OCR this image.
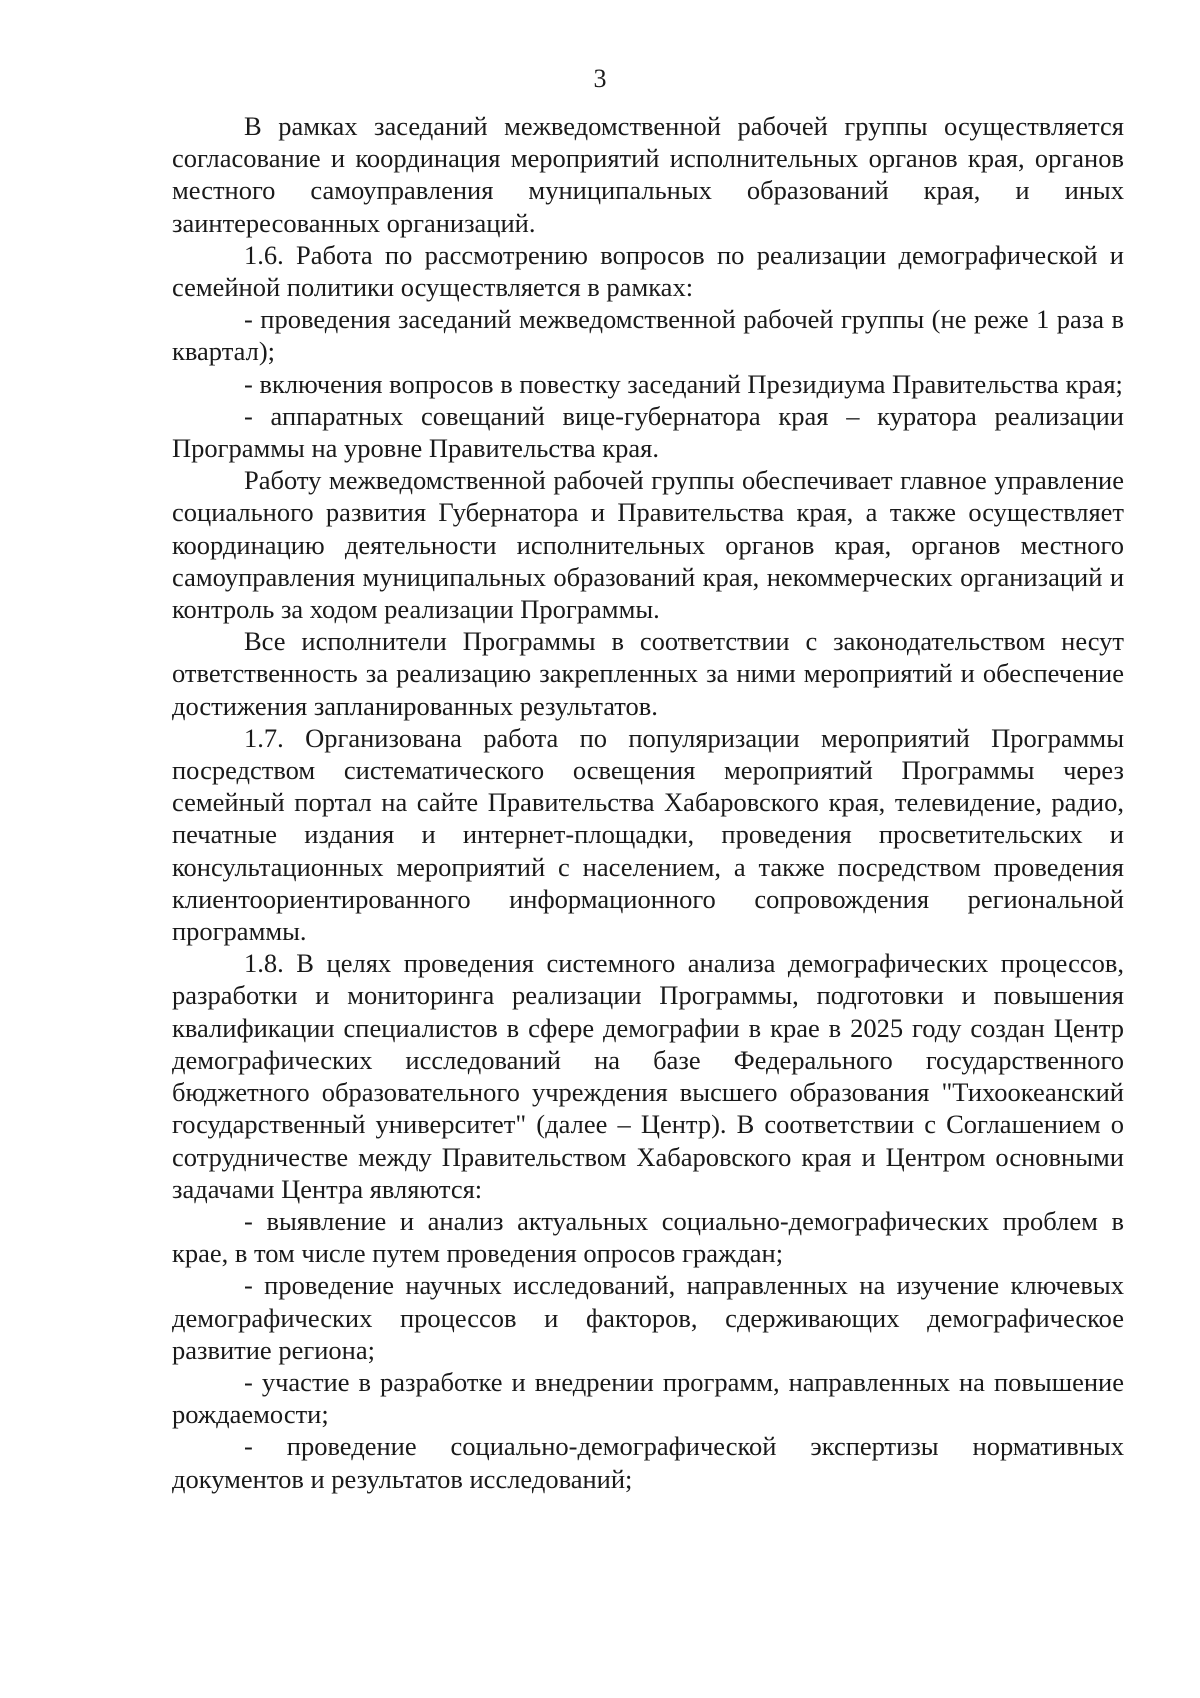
3

В рамках заседаний межведомственной рабочей группы осуществляется согласование и координация мероприятий исполнительных органов края, органов местного самоуправления муниципальных образований края, и иных заинтересованных организаций.

1.6. Работа по рассмотрению вопросов по реализации демографической и семейной политики осуществляется в рамках:

- проведения заседаний межведомственной рабочей группы (не реже 1 раза в квартал);

- включения вопросов в повестку заседаний Президиума Правительства края;

- аппаратных совещаний вице-губернатора края – куратора реализации Программы на уровне Правительства края.

Работу межведомственной рабочей группы обеспечивает главное управление социального развития Губернатора и Правительства края, а также осуществляет координацию деятельности исполнительных органов края, органов местного самоуправления муниципальных образований края, некоммерческих организаций и контроль за ходом реализации Программы.

Все исполнители Программы в соответствии с законодательством несут ответственность за реализацию закрепленных за ними мероприятий и обеспечение достижения запланированных результатов.

1.7. Организована работа по популяризации мероприятий Программы посредством систематического освещения мероприятий Программы через семейный портал на сайте Правительства Хабаровского края, телевидение, радио, печатные издания и интернет-площадки, проведения просветительских и консультационных мероприятий с населением, а также посредством проведения клиентоориентированного информационного сопровождения региональной программы.

1.8. В целях проведения системного анализа демографических процессов, разработки и мониторинга реализации Программы, подготовки и повышения квалификации специалистов в сфере демографии в крае в 2025 году создан Центр демографических исследований на базе Федерального государственного бюджетного образовательного учреждения высшего образования "Тихоокеанский государственный университет" (далее – Центр). В соответствии с Соглашением о сотрудничестве между Правительством Хабаровского края и Центром основными задачами Центра являются:

- выявление и анализ актуальных социально-демографических проблем в крае, в том числе путем проведения опросов граждан;

- проведение научных исследований, направленных на изучение ключевых демографических процессов и факторов, сдерживающих демографическое развитие региона;

- участие в разработке и внедрении программ, направленных на повышение рождаемости;

- проведение социально-демографической экспертизы нормативных документов и результатов исследований;
